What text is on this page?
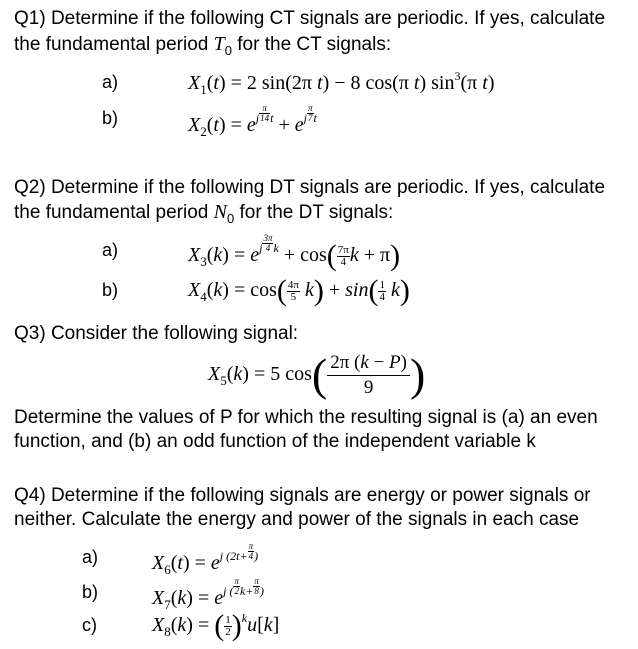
Q1) Determine if the following CT signals are periodic. If yes, calculate
the fundamental period $T_0$ for the CT signals:
a)	$X_1(t) = 2$ sin(2π t) − 8 cos(π t) $\sin^3(\pi$ t)
b)	$X_2(t) = e^j \frac{\pi}{14} ^t + e^j \frac{\pi}{7} ^t$
Q2) Determine if the following DT signals are periodic. If yes, calculate
the fundamental period $N_0$ for the DT signals:
a)	$X_3(k) = e^j \frac{3\pi}{4} ^k + \cos( \frac{7\pi}{4}$ k + π)
b)	$X_4(k) = \cos( \frac{4\pi}{5} k) + \sin( \frac{1}{4} k)$
Q3) Consider the following signal:
$X_5(k) = 5$ $\cos( \frac{2\pi (k - P)}{9}$ )
Determine the values of P for which the resulting signal is (a) an even
function, and (b) an odd function of the independent variable k
Q4) Determine if the following signals are energy or power signals or
neither. Calculate the energy and power of the signals in each case
a)	$X_6(t) = e^{j (2t+} \frac{\pi}{4} ^)$
b)	$X_7(k) = e^{j (} \frac{\pi}{2} ^{k+} \frac{\pi}{8} ^)$
c)	$X_8(k)$ = ( $\frac{1}{2} )^ku[k]$
